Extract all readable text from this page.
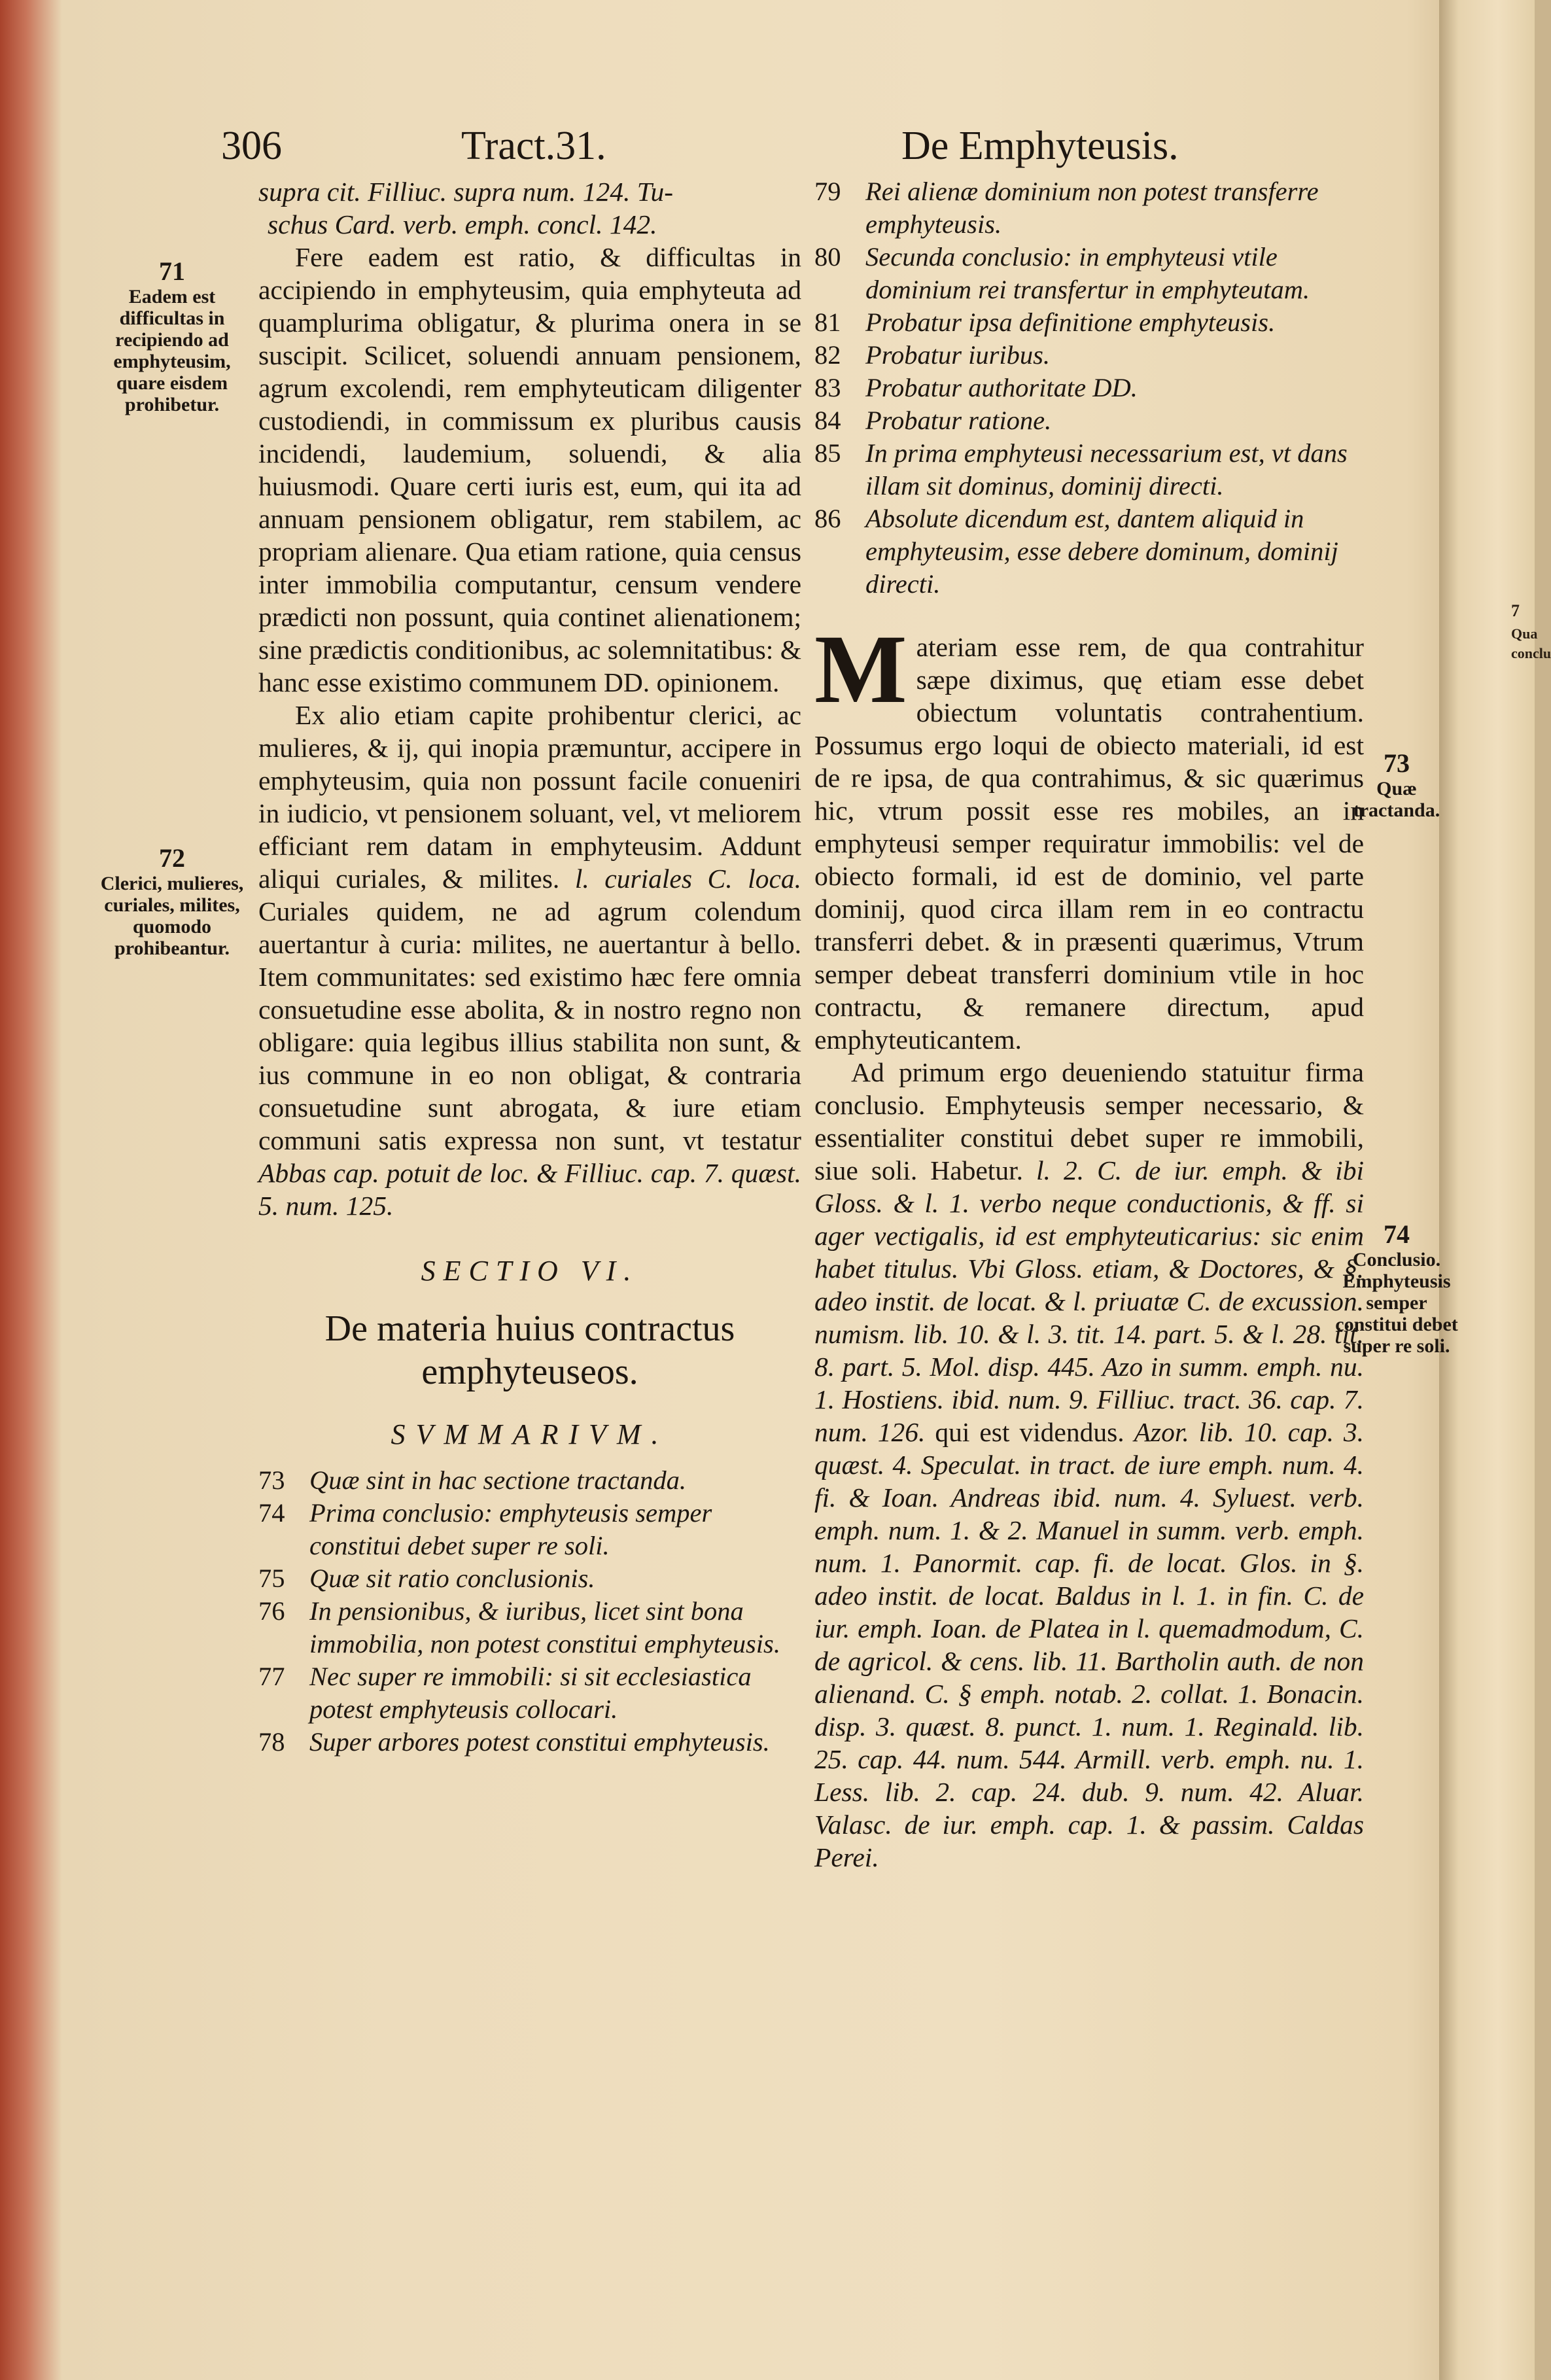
7
Qua
conclu
306	Tract.31.	De Emphyteusis.
71
Eadem est difficultas in recipiendo ad emphyteusim, quare eisdem prohibetur.
72
Clerici, mulieres, curiales, milites, quomodo prohibeantur.
73
Quæ tractanda.
74
Conclusio. Emphyteusis semper constitui debet super re soli.

supra cit. Filliuc. supra num. 124. Tu-

schus Card. verb. emph. concl. 142.

Fere eadem est ratio, & difficultas in accipiendo in emphyteusim, quia emphyteuta ad quamplurima obligatur, & plurima onera in se suscipit. Scilicet, soluendi annuam pensionem, agrum excolendi, rem emphyteuticam diligenter custodiendi, in commissum ex pluribus causis incidendi, laudemium, soluendi, & alia huiusmodi. Quare certi iuris est, eum, qui ita ad annuam pensionem obligatur, rem stabilem, ac propriam alienare. Qua etiam ratione, quia census inter immobilia computantur, censum vendere prædicti non possunt, quia continet alienationem; sine prædictis conditionibus, ac solemnitatibus: & hanc esse existimo communem DD. opinionem.

Ex alio etiam capite prohibentur clerici, ac mulieres, & ij, qui inopia præmuntur, accipere in emphyteusim, quia non possunt facile conueniri in iudicio, vt pensionem soluant, vel, vt meliorem efficiant rem datam in emphyteusim. Addunt aliqui curiales, & milites. l. curiales C. loca. Curiales quidem, ne ad agrum colendum auertantur à curia: milites, ne auertantur à bello. Item communitates: sed existimo hæc fere omnia consuetudine esse abolita, & in nostro regno non obligare: quia legibus illius stabilita non sunt, & ius commune in eo non obligat, & contraria consuetudine sunt abrogata, & iure etiam communi satis expressa non sunt, vt testatur Abbas cap. potuit de loc. & Filliuc. cap. 7. quæst. 5. num. 125.

SECTIO VI.
De materia huius contractus emphyteuseos.
SVMMARIVM.
73 Quæ sint in hac sectione tractanda.
74 Prima conclusio: emphyteusis semper constitui debet super re soli.
75 Quæ sit ratio conclusionis.
76 In pensionibus, & iuribus, licet sint bona immobilia, non potest constitui emphyteusis.
77 Nec super re immobili: si sit ecclesiastica potest emphyteusis collocari.
78 Super arbores potest constitui emphyteusis.
79 Rei alienæ dominium non potest transferre emphyteusis.
80 Secunda conclusio: in emphyteusi vtile dominium rei transfertur in emphyteutam.
81 Probatur ipsa definitione emphyteusis.
82 Probatur iuribus.
83 Probatur authoritate DD.
84 Probatur ratione.
85 In prima emphyteusi necessarium est, vt dans illam sit dominus, dominij directi.
86 Absolute dicendum est, dantem aliquid in emphyteusim, esse debere dominum, dominij directi.

Materiam esse rem, de qua contrahitur sæpe diximus, quę etiam esse debet obiectum voluntatis contrahentium. Possumus ergo loqui de obiecto materiali, id est de re ipsa, de qua contrahimus, & sic quærimus hic, vtrum possit esse res mobiles, an in emphyteusi semper requiratur immobilis: vel de obiecto formali, id est de dominio, vel parte dominij, quod circa illam rem in eo contractu transferri debet. & in præsenti quærimus, Vtrum semper debeat transferri dominium vtile in hoc contractu, & remanere directum, apud emphyteuticantem.

Ad primum ergo deueniendo statuitur firma conclusio. Emphyteusis semper necessario, & essentialiter constitui debet super re immobili, siue soli. Habetur. l. 2. C. de iur. emph. & ibi Gloss. & l. 1. verbo neque conductionis, & ff. si ager vectigalis, id est emphyteuticarius: sic enim habet titulus. Vbi Gloss. etiam, & Doctores, & §. adeo instit. de locat. & l. priuatæ C. de excussion. numism. lib. 10. & l. 3. tit. 14. part. 5. & l. 28. tit. 8. part. 5. Mol. disp. 445. Azo in summ. emph. nu. 1. Hostiens. ibid. num. 9. Filliuc. tract. 36. cap. 7. num. 126. qui est videndus. Azor. lib. 10. cap. 3. quæst. 4. Speculat. in tract. de iure emph. num. 4. fi. & Ioan. Andreas ibid. num. 4. Syluest. verb. emph. num. 1. & 2. Manuel in summ. verb. emph. num. 1. Panormit. cap. fi. de locat. Glos. in §. adeo instit. de locat. Baldus in l. 1. in fin. C. de iur. emph. Ioan. de Platea in l. quemadmodum, C. de agricol. & cens. lib. 11. Bartholin auth. de non alienand. C. § emph. notab. 2. collat. 1. Bonacin. disp. 3. quæst. 8. punct. 1. num. 1. Reginald. lib. 25. cap. 44. num. 544. Armill. verb. emph. nu. 1. Less. lib. 2. cap. 24. dub. 9. num. 42. Aluar. Valasc. de iur. emph. cap. 1. & passim. Caldas Perei.
